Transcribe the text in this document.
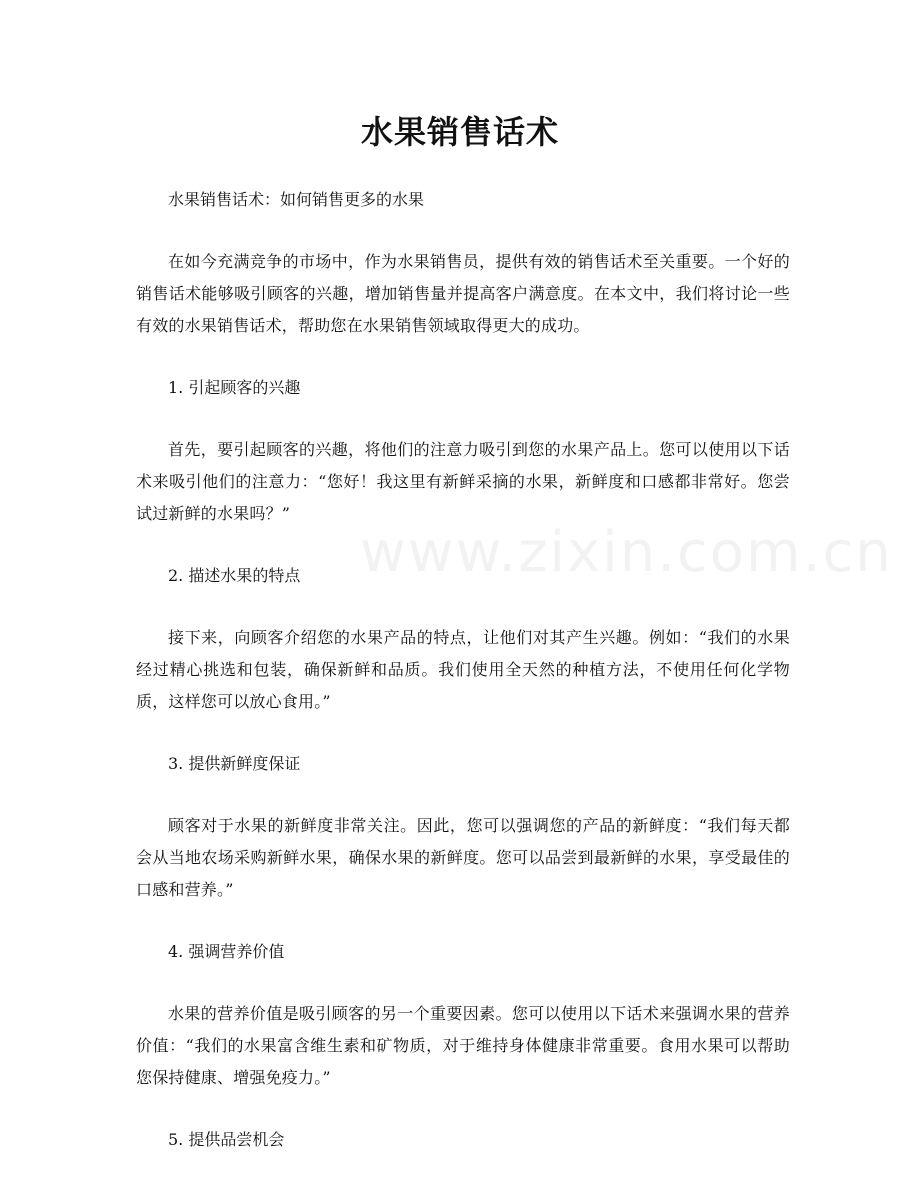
www.zixin.com.cn
水果销售话术

水果销售话术：如何销售更多的水果

在如今充满竞争的市场中，作为水果销售员，提供有效的销售话术至关重要。一个好的销售话术能够吸引顾客的兴趣，增加销售量并提高客户满意度。在本文中，我们将讨论一些有效的水果销售话术，帮助您在水果销售领域取得更大的成功。

1. 引起顾客的兴趣

首先，要引起顾客的兴趣，将他们的注意力吸引到您的水果产品上。您可以使用以下话术来吸引他们的注意力：“您好！我这里有新鲜采摘的水果，新鲜度和口感都非常好。您尝试过新鲜的水果吗？”

2. 描述水果的特点

接下来，向顾客介绍您的水果产品的特点，让他们对其产生兴趣。例如：“我们的水果经过精心挑选和包装，确保新鲜和品质。我们使用全天然的种植方法，不使用任何化学物质，这样您可以放心食用。”

3. 提供新鲜度保证

顾客对于水果的新鲜度非常关注。因此，您可以强调您的产品的新鲜度：“我们每天都会从当地农场采购新鲜水果，确保水果的新鲜度。您可以品尝到最新鲜的水果，享受最佳的口感和营养。”

4. 强调营养价值

水果的营养价值是吸引顾客的另一个重要因素。您可以使用以下话术来强调水果的营养价值：“我们的水果富含维生素和矿物质，对于维持身体健康非常重要。食用水果可以帮助您保持健康、增强免疫力。”

5. 提供品尝机会
